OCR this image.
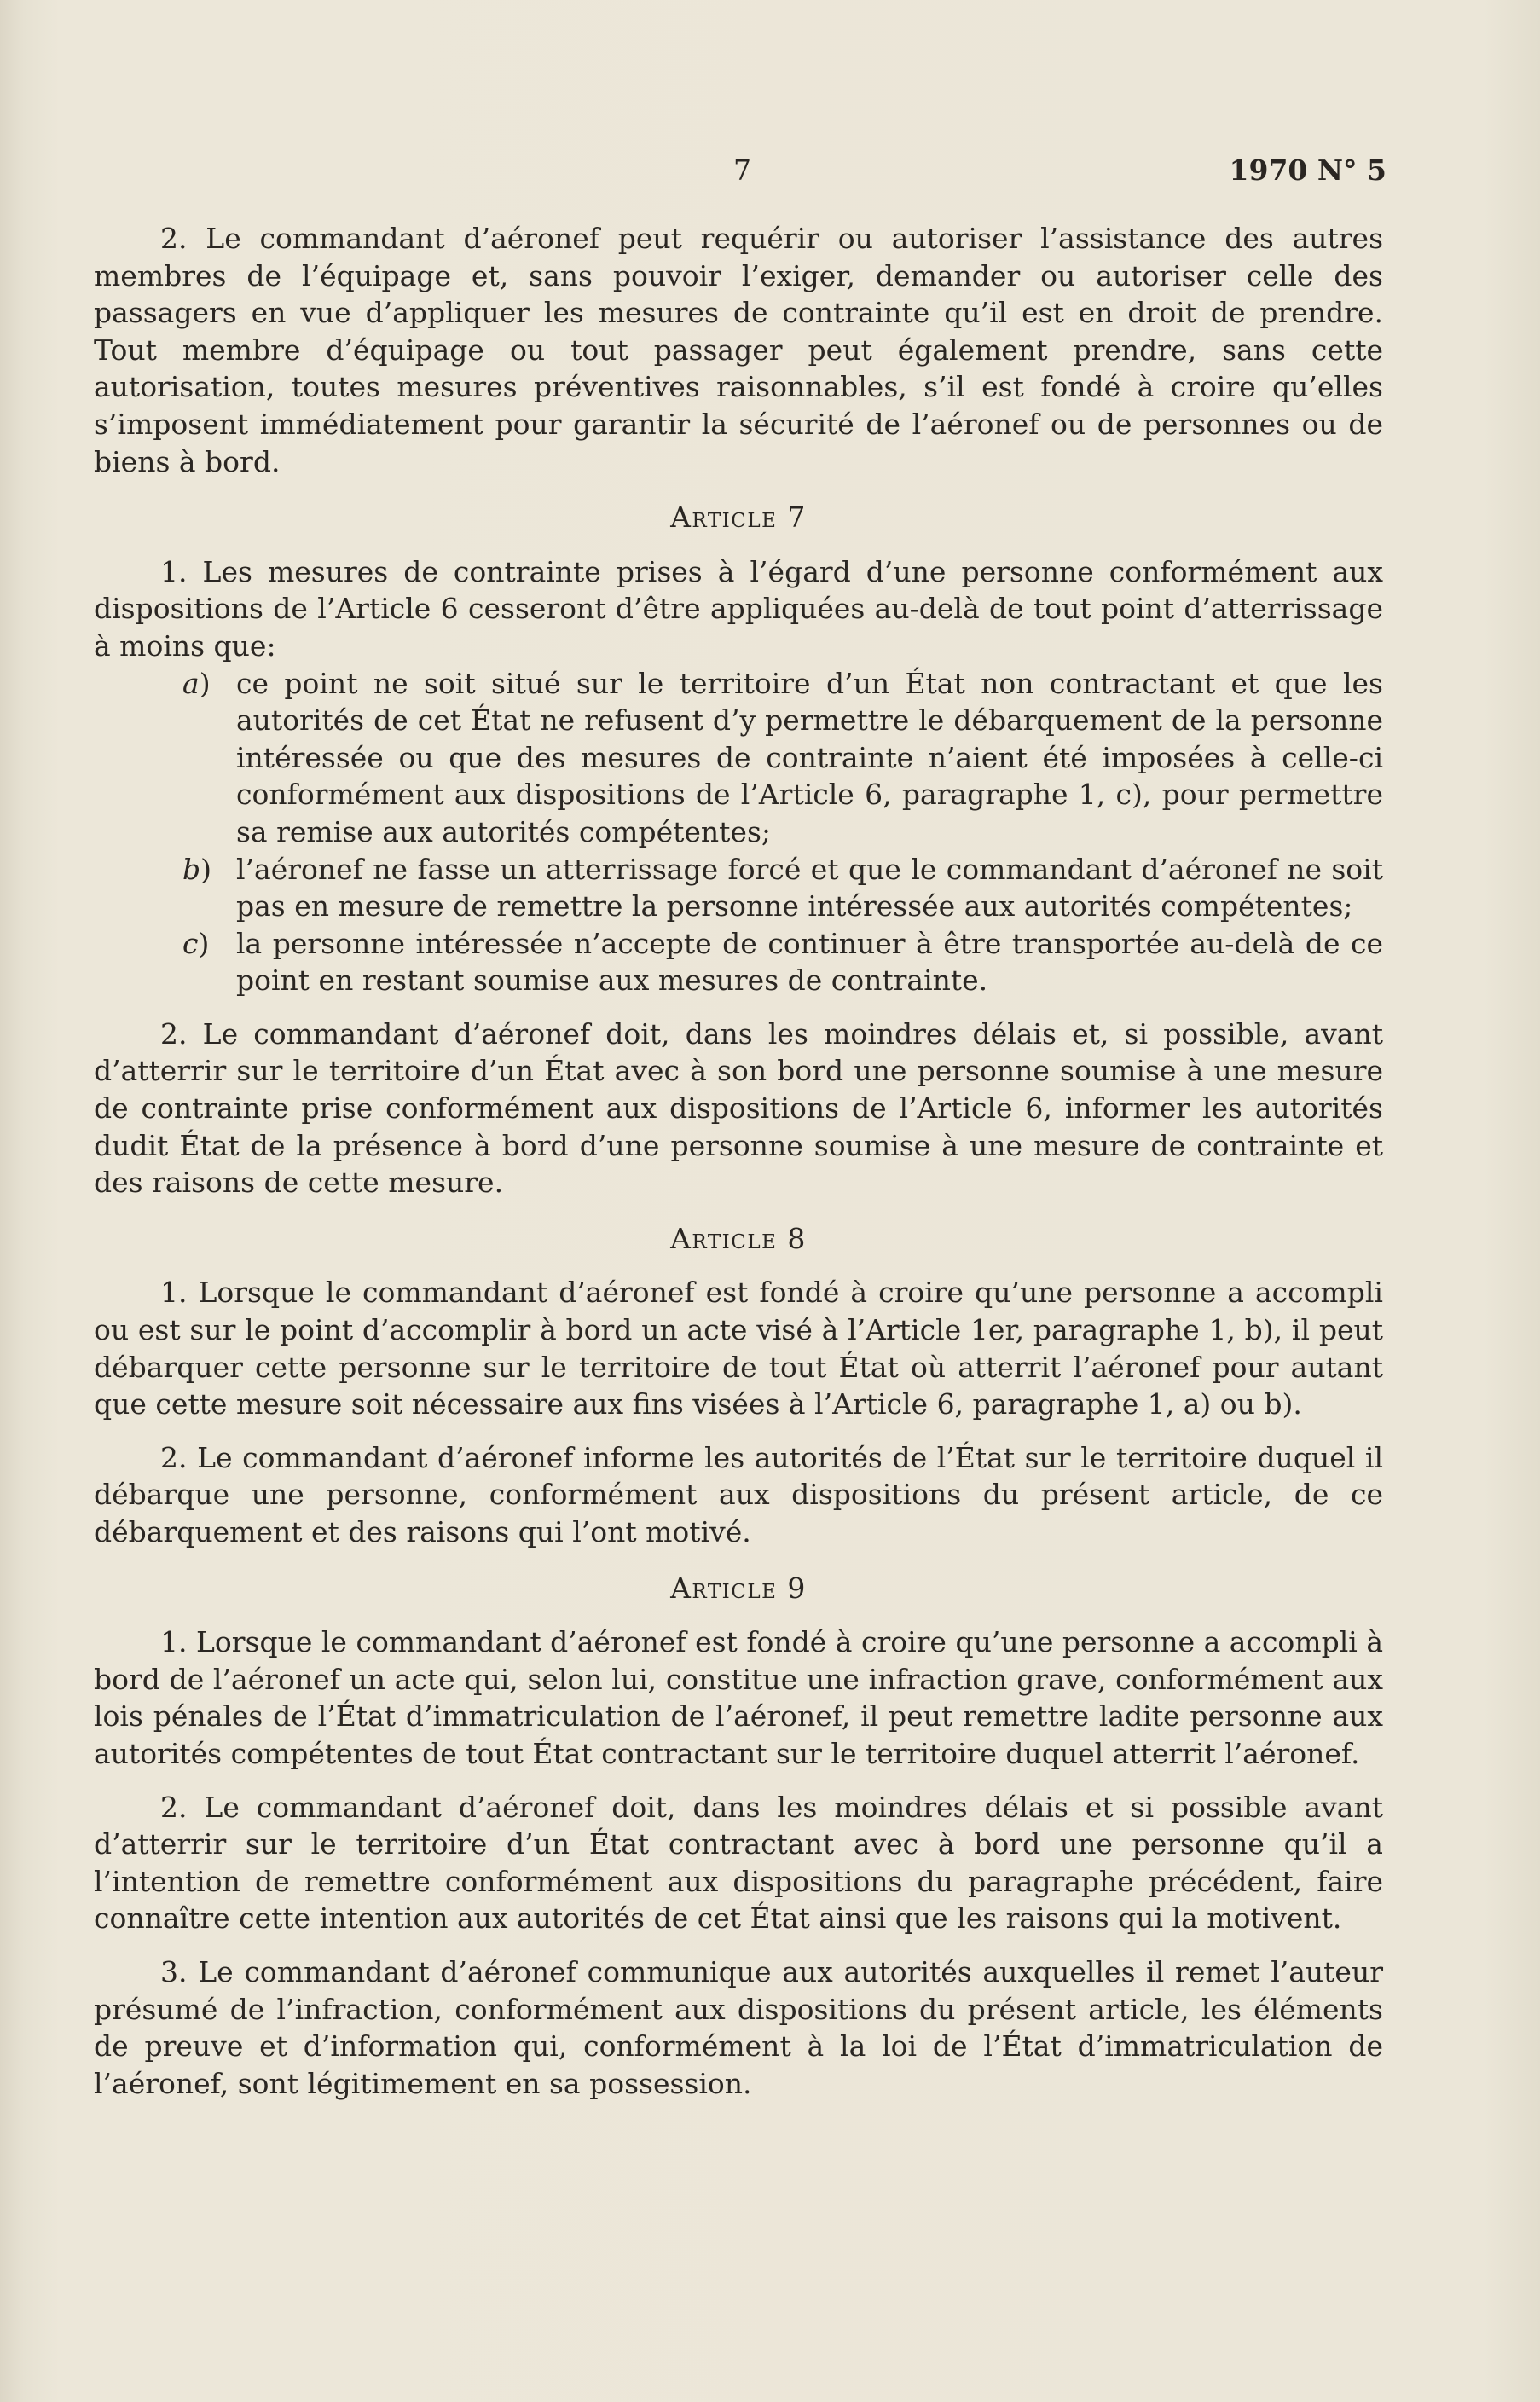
7	1970 N° 5

2. Le commandant d’aéronef peut requérir ou autoriser l’assistance des autres membres de l’équipage et, sans pouvoir l’exiger, demander ou autoriser celle des passagers en vue d’appliquer les mesures de contrainte qu’il est en droit de prendre. Tout membre d’équipage ou tout passager peut également prendre, sans cette autorisation, toutes mesures préventives raisonnables, s’il est fondé à croire qu’elles s’imposent immédiatement pour garantir la sécurité de l’aéronef ou de personnes ou de biens à bord.

Article 7

1. Les mesures de contrainte prises à l’égard d’une personne conformément aux dispositions de l’Article 6 cesseront d’être appliquées au-delà de tout point d’atterrissage à moins que:

a) ce point ne soit situé sur le territoire d’un État non contractant et que les autorités de cet État ne refusent d’y permettre le débarquement de la personne intéressée ou que des mesures de contrainte n’aient été imposées à celle-ci conformément aux dispositions de l’Article 6, paragraphe 1, c), pour permettre sa remise aux autorités compétentes;

b) l’aéronef ne fasse un atterrissage forcé et que le commandant d’aéronef ne soit pas en mesure de remettre la personne intéressée aux autorités compétentes;

c) la personne intéressée n’accepte de continuer à être transportée au-delà de ce point en restant soumise aux mesures de contrainte.

2. Le commandant d’aéronef doit, dans les moindres délais et, si possible, avant d’atterrir sur le territoire d’un État avec à son bord une personne soumise à une mesure de contrainte prise conformément aux dispositions de l’Article 6, informer les autorités dudit État de la présence à bord d’une personne soumise à une mesure de contrainte et des raisons de cette mesure.

Article 8

1. Lorsque le commandant d’aéronef est fondé à croire qu’une personne a accompli ou est sur le point d’accomplir à bord un acte visé à l’Article 1er, paragraphe 1, b), il peut débarquer cette personne sur le territoire de tout État où atterrit l’aéronef pour autant que cette mesure soit nécessaire aux fins visées à l’Article 6, paragraphe 1, a) ou b).

2. Le commandant d’aéronef informe les autorités de l’État sur le territoire duquel il débarque une personne, conformément aux dispositions du présent article, de ce débarquement et des raisons qui l’ont motivé.

Article 9

1. Lorsque le commandant d’aéronef est fondé à croire qu’une personne a accompli à bord de l’aéronef un acte qui, selon lui, constitue une infraction grave, conformément aux lois pénales de l’État d’immatriculation de l’aéronef, il peut remettre ladite personne aux autorités compétentes de tout État contractant sur le territoire duquel atterrit l’aéronef.

2. Le commandant d’aéronef doit, dans les moindres délais et si possible avant d’atterrir sur le territoire d’un État contractant avec à bord une personne qu’il a l’intention de remettre conformément aux dispositions du paragraphe précédent, faire connaître cette intention aux autorités de cet État ainsi que les raisons qui la motivent.

3. Le commandant d’aéronef communique aux autorités auxquelles il remet l’auteur présumé de l’infraction, conformément aux dispositions du présent article, les éléments de preuve et d’information qui, conformément à la loi de l’État d’immatriculation de l’aéronef, sont légitimement en sa possession.
